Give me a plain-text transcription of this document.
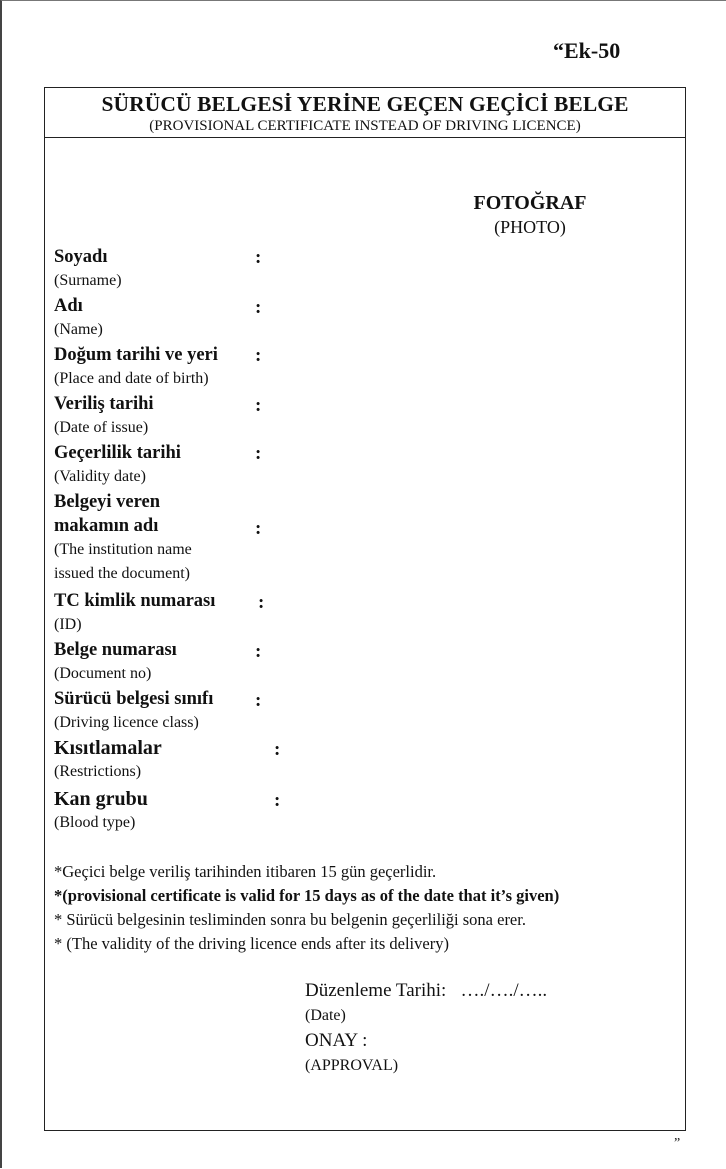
“Ek-50
SÜRÜCÜ BELGESİ YERİNE GEÇEN GEÇİCİ BELGE
(PROVISIONAL CERTIFICATE INSTEAD OF DRIVING LICENCE)
FOTOĞRAF
(PHOTO)
Soyadı
(Surname)
:
Adı
(Name)
:
Doğum tarihi ve yeri
(Place and date of birth)
:
Veriliş tarihi
(Date of issue)
:
Geçerlilik tarihi
(Validity date)
:
Belgeyi veren
makamın adı
(The institution name
issued the document)
:
TC kimlik numarası
(ID)
:
Belge numarası
(Document no)
:
Sürücü belgesi sınıfı
(Driving licence class)
:
Kısıtlamalar
(Restrictions)
:
Kan grubu
(Blood type)
:
*Geçici belge veriliş tarihinden itibaren 15 gün geçerlidir.
*(provisional certificate is valid for 15 days as of the date that it’s given)
* Sürücü belgesinin tesliminden sonra bu belgenin geçerliliği sona erer.
* (The validity of the driving licence ends after its delivery)
Düzenleme Tarihi: …./…./…..
(Date)
ONAY :
(APPROVAL)
”
